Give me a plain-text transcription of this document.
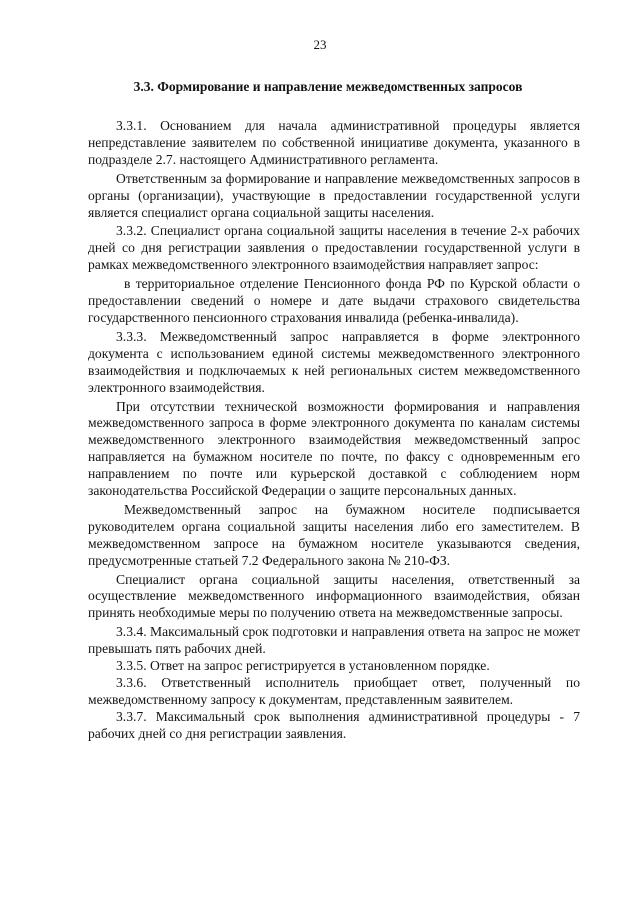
23
3.3. Формирование и направление межведомственных запросов

3.3.1. Основанием для начала административной процедуры является непредставление заявителем по собственной инициативе документа, указанного в подразделе 2.7. настоящего Административного регламента.

Ответственным за формирование и направление межведомственных запросов в органы (организации), участвующие в предоставлении государственной услуги является специалист органа социальной защиты населения.

3.3.2. Специалист органа социальной защиты населения в течение 2-х рабочих дней со дня регистрации заявления о предоставлении государственной услуги в рамках межведомственного электронного взаимодействия направляет запрос:

в территориальное отделение Пенсионного фонда РФ по Курской области о предоставлении сведений о номере и дате выдачи страхового свидетельства государственного пенсионного страхования инвалида (ребенка-инвалида).

3.3.3. Межведомственный запрос направляется в форме электронного документа с использованием единой системы межведомственного электронного взаимодействия и подключаемых к ней региональных систем межведомственного электронного взаимодействия.

При отсутствии технической возможности формирования и направления межведомственного запроса в форме электронного документа по каналам системы межведомственного электронного взаимодействия межведомственный запрос направляется на бумажном носителе по почте, по факсу с одновременным его направлением по почте или курьерской доставкой с соблюдением норм законодательства Российской Федерации о защите персональных данных.

Межведомственный запрос на бумажном носителе подписывается руководителем органа социальной защиты населения либо его заместителем. В межведомственном запросе на бумажном носителе указываются сведения, предусмотренные статьей 7.2 Федерального закона № 210-ФЗ.

Специалист органа социальной защиты населения, ответственный за осуществление межведомственного информационного взаимодействия, обязан принять необходимые меры по получению ответа на межведомственные запросы.

3.3.4. Максимальный срок подготовки и направления ответа на запрос не может превышать пять рабочих дней.

3.3.5. Ответ на запрос регистрируется в установленном порядке.

3.3.6. Ответственный исполнитель приобщает ответ, полученный по межведомственному запросу к документам, представленным заявителем.

3.3.7. Максимальный срок выполнения административной процедуры - 7 рабочих дней со дня регистрации заявления.
